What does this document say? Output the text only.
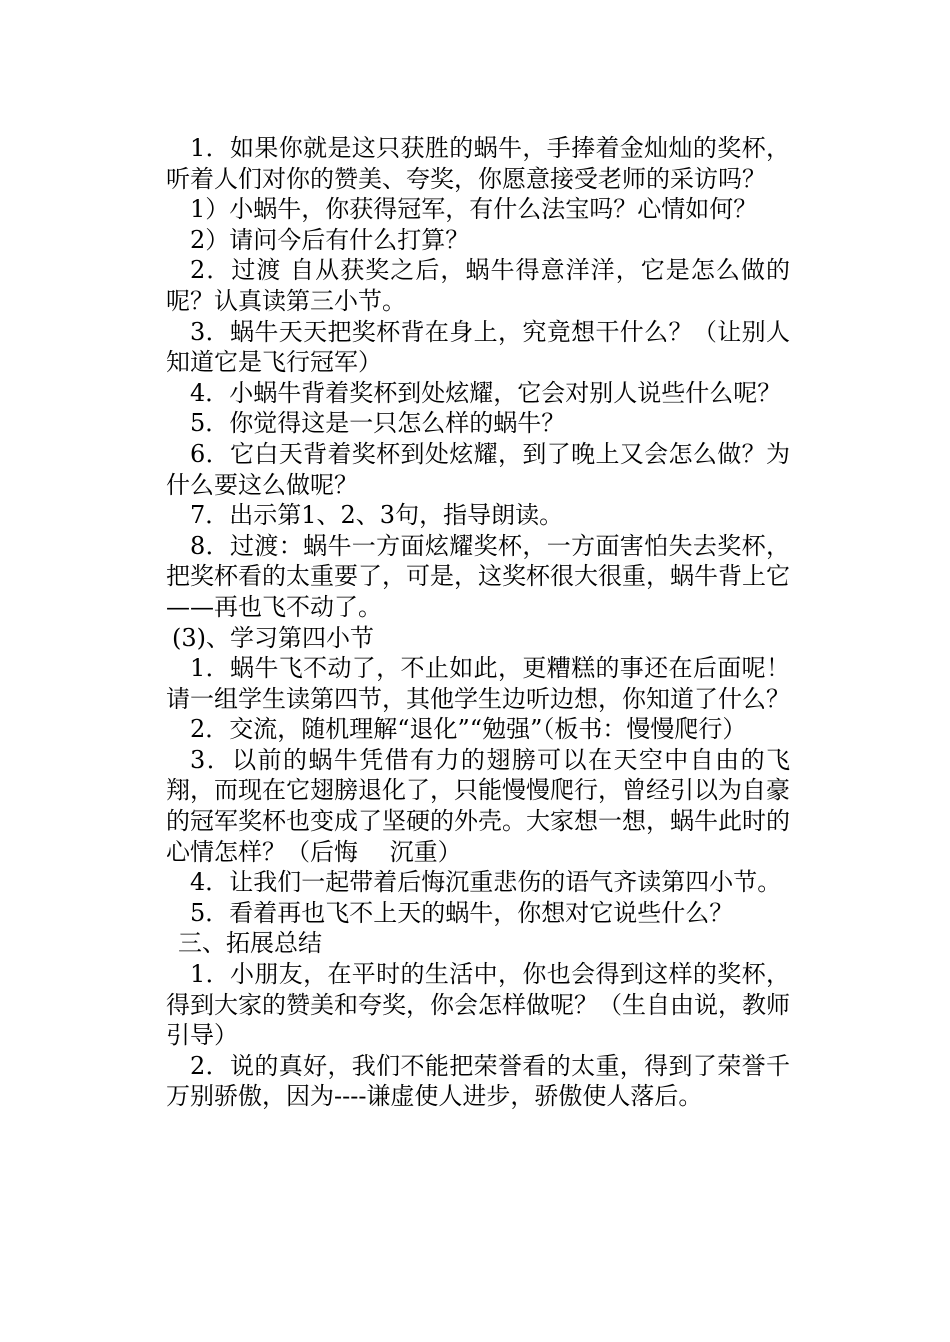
1．如果你就是这只获胜的蜗牛，手捧着金灿灿的奖杯，听着人们对你的赞美、夸奖，你愿意接受老师的采访吗？

1）小蜗牛，你获得冠军，有什么法宝吗？心情如何？

2）请问今后有什么打算？

2．过渡 自从获奖之后，蜗牛得意洋洋，它是怎么做的呢？认真读第三小节。

3．蜗牛天天把奖杯背在身上，究竟想干什么？（让别人知道它是飞行冠军）

4．小蜗牛背着奖杯到处炫耀，它会对别人说些什么呢？

5．你觉得这是一只怎么样的蜗牛？

6．它白天背着奖杯到处炫耀，到了晚上又会怎么做？为什么要这么做呢？

7．出示第1、2、3句，指导朗读。

8．过渡：蜗牛一方面炫耀奖杯，一方面害怕失去奖杯，把奖杯看的太重要了，可是，这奖杯很大很重，蜗牛背上它——再也飞不动了。

(3)、学习第四小节

1．蜗牛飞不动了，不止如此，更糟糕的事还在后面呢！请一组学生读第四节，其他学生边听边想，你知道了什么？

2．交流，随机理解“退化”“勉强”（板书：慢慢爬行）

3．以前的蜗牛凭借有力的翅膀可以在天空中自由的飞翔，而现在它翅膀退化了，只能慢慢爬行，曾经引以为自豪的冠军奖杯也变成了坚硬的外壳。大家想一想，蜗牛此时的心情怎样？（后悔　 沉重）

4．让我们一起带着后悔沉重悲伤的语气齐读第四小节。

5．看着再也飞不上天的蜗牛，你想对它说些什么？

三、拓展总结

1．小朋友，在平时的生活中，你也会得到这样的奖杯，得到大家的赞美和夸奖，你会怎样做呢？（生自由说，教师引导）

2．说的真好，我们不能把荣誉看的太重，得到了荣誉千万别骄傲，因为----谦虚使人进步，骄傲使人落后。
